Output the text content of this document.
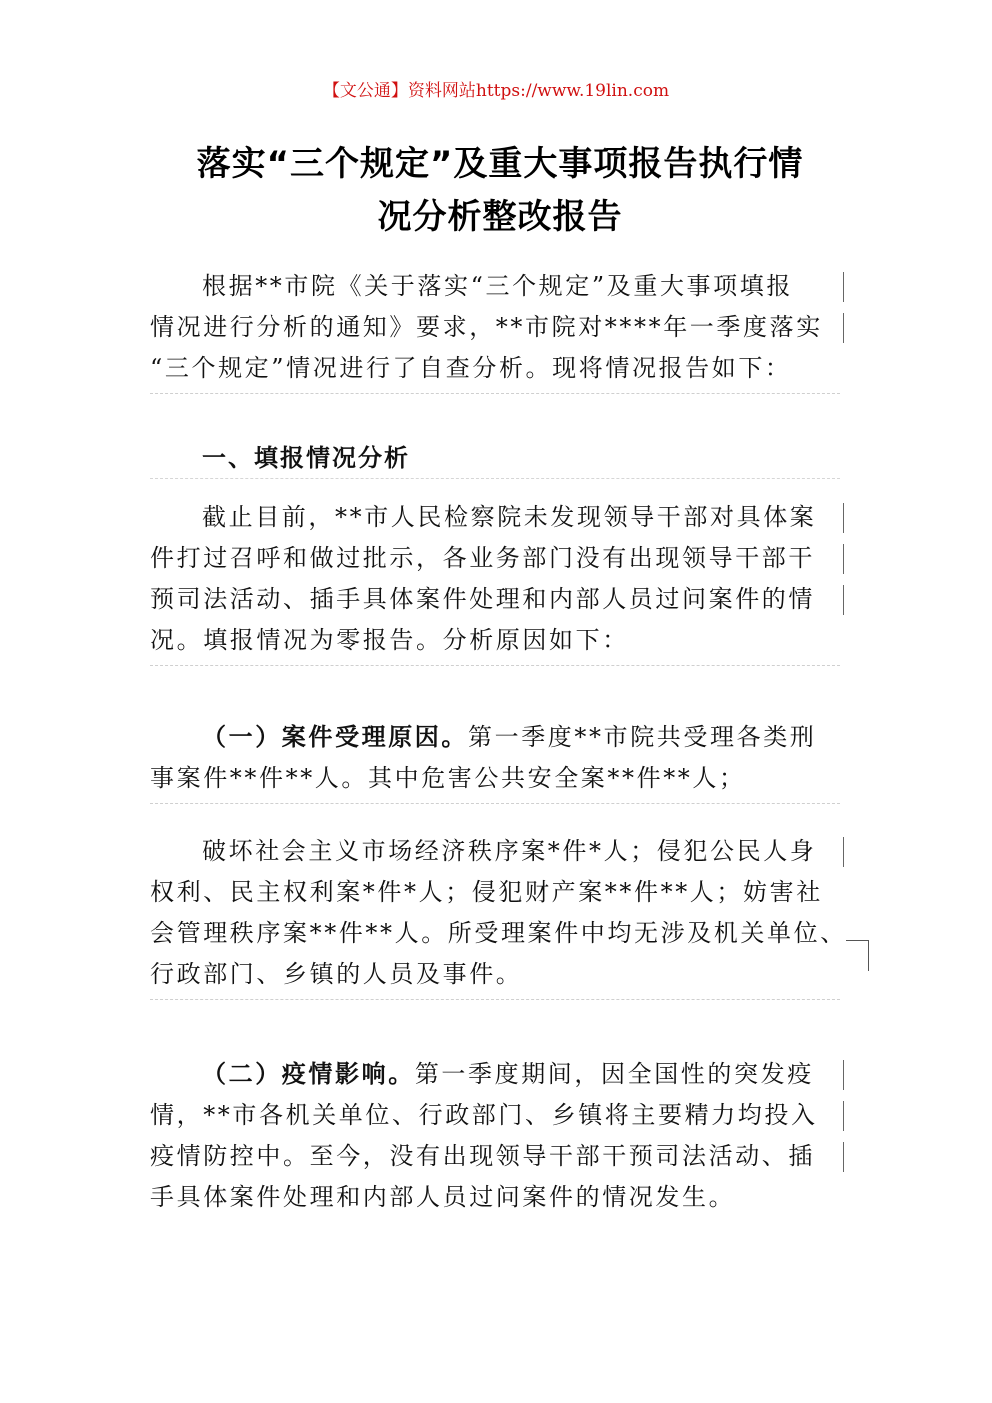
【文公通】资料网站https://www.19lin.com
落实“三个规定”及重大事项报告执行情
况分析整改报告
根据**市院《关于落实“三个规定”及重大事项填报
情况进行分析的通知》要求，**市院对****年一季度落实
“三个规定”情况进行了自查分析。现将情况报告如下：
一、填报情况分析
截止目前，**市人民检察院未发现领导干部对具体案
件打过召呼和做过批示，各业务部门没有出现领导干部干
预司法活动、插手具体案件处理和内部人员过问案件的情
况。填报情况为零报告。分析原因如下：
（一）案件受理原因。第一季度**市院共受理各类刑
事案件**件**人。其中危害公共安全案**件**人；
破坏社会主义市场经济秩序案*件*人；侵犯公民人身
权利、民主权利案*件*人；侵犯财产案**件**人；妨害社
会管理秩序案**件**人。所受理案件中均无涉及机关单位、
行政部门、乡镇的人员及事件。
（二）疫情影响。第一季度期间，因全国性的突发疫
情，**市各机关单位、行政部门、乡镇将主要精力均投入
疫情防控中。至今，没有出现领导干部干预司法活动、插
手具体案件处理和内部人员过问案件的情况发生。
